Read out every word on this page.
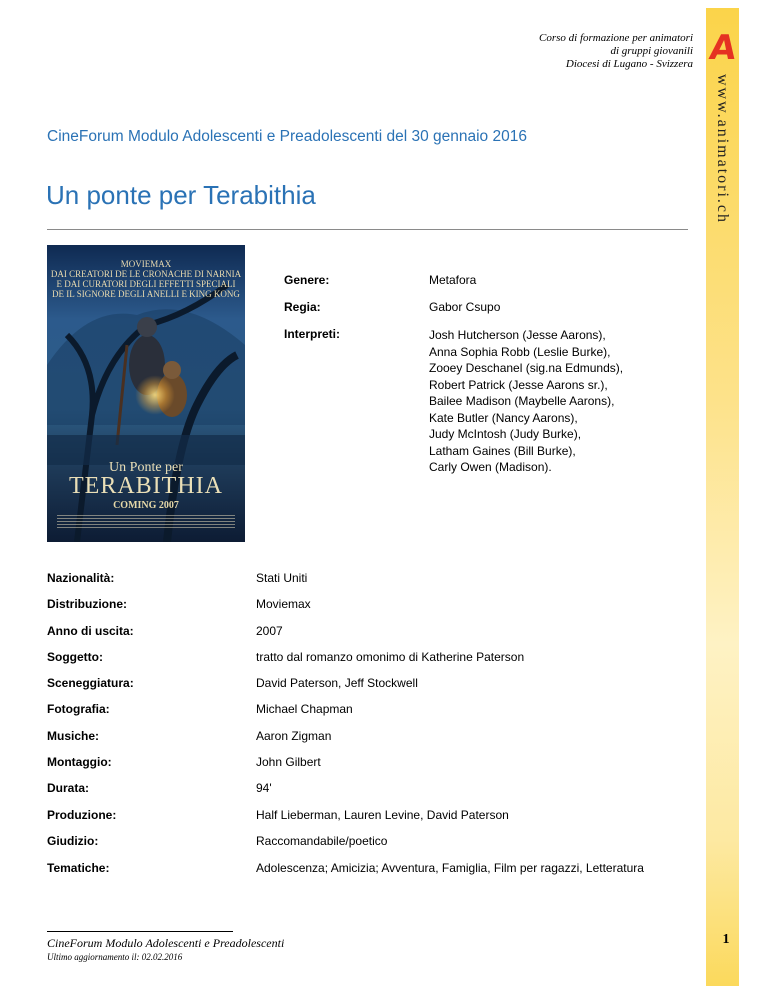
Corso di formazione per animatori
di gruppi giovanili
Diocesi di Lugano - Svizzera A
www.animatori.ch
CineForum Modulo Adolescenti e Preadolescenti del 30 gennaio 2016
Un ponte per Terabithia
MOVIEMAX
DAI CREATORI DE LE CRONACHE DI NARNIA
E DAI CURATORI DEGLI EFFETTI SPECIALI
DE IL SIGNORE DEGLI ANELLI E KING KONG
Un Ponte per
TERABITHIA
COMING 2007
Genere:	Metafora
Regia:	Gabor Csupo
Interpreti:	Josh Hutcherson (Jesse Aarons),
Anna Sophia Robb (Leslie Burke),
Zooey Deschanel (sig.na Edmunds),
Robert Patrick (Jesse Aarons sr.),
Bailee Madison (Maybelle Aarons),
Kate Butler (Nancy Aarons),
Judy McIntosh (Judy Burke),
Latham Gaines (Bill Burke),
Carly Owen (Madison).
Nazionalità:	Stati Uniti
Distribuzione:	Moviemax
Anno di uscita:	2007
Soggetto:	tratto dal romanzo omonimo di Katherine Paterson
Sceneggiatura:	David Paterson, Jeff Stockwell
Fotografia:	Michael Chapman
Musiche:	Aaron Zigman
Montaggio:	John Gilbert
Durata:	94'
Produzione:	Half Lieberman, Lauren Levine, David Paterson
Giudizio:	Raccomandabile/poetico
Tematiche:	Adolescenza; Amicizia; Avventura, Famiglia, Film per ragazzi, Letteratura
CineForum Modulo Adolescenti e Preadolescenti
Ultimo aggiornamento il: 02.02.2016
1
